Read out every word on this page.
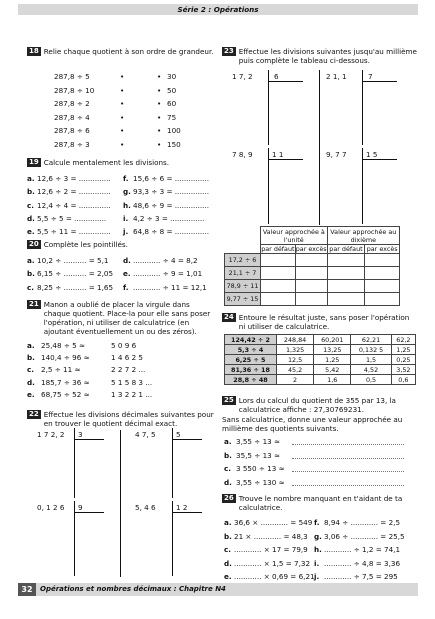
Série 2 : Opérations
18 Relie chaque quotient à son ordre de grandeur.
287,8 ÷ 5	•	• 30
287,8 ÷ 10	•	• 50
287,8 ÷ 2	•	• 60
287,8 ÷ 4	•	• 75
287,8 ÷ 6	•	• 100
287,8 ÷ 3	•	• 150
19 Calcule mentalement les divisions.
a. 12,6 ÷ 3 = .............. f. 15,6 ÷ 6 = ...............
b. 12,6 ÷ 2 = .............. g. 93,3 ÷ 3 = ...............
c. 12,4 ÷ 4 = .............. h. 48,6 ÷ 9 = ...............
d. 5,5 ÷ 5 = .............. i. 4,2 ÷ 3 = ...............
e. 5,5 ÷ 11 = .............. j. 64,8 ÷ 8 = ...............
20 Complète les pointillés.
a. 10,2 ÷ .......... = 5,1 d. ............ ÷ 4 = 8,2
b. 6,15 ÷ .......... = 2,05 e. ............ ÷ 9 = 1,01
c. 8,25 ÷ .......... = 1,65 f. ............ ÷ 11 = 12,1
21 Manon a oublié de placer la virgule dans chaque quotient. Place-la pour elle sans poser l'opération, ni utiliser de calculatrice (en ajoutant éventuellement un ou des zéros).
a. 25,48 ÷ 5 ≈	5 0 9 6
b. 140,4 ÷ 96 ≈	1 4 6 2 5
c. 2,5 ÷ 11 ≈	2 2 7 2 ...
d. 185,7 ÷ 36 ≈	5 1 5 8 3 ...
e. 68,75 ÷ 52 ≈	1 3 2 2 1 ...
22 Effectue les divisions décimales suivantes pour en trouver le quotient décimal exact.
1 7 2, 2 3	4 7, 5	5
0, 1 2 6 9	5, 4 6	1 2
23 Effectue les divisions suivantes jusqu'au millième puis complète le tableau ci-dessous.
1 7, 2	6	2 1, 1	7
7 8, 9	1 1	9, 7 7	1 5
	Valeur approchée à l'unité		Valeur approchée au dixième	
	par défaut	par excès	par défaut	par excès
17,2 ÷ 6				
21,1 ÷ 7				
78,9 ÷ 11				
9,77 ÷ 15				
24 Entoure le résultat juste, sans poser l'opération ni utiliser de calculatrice.
124,42 ÷ 2	248,84	60,201	62,21	62,2
5,3 ÷ 4	1,325	13,25	0,132 5	1,25
6,25 ÷ 5	12,5	1,25	1,5	0,25
81,36 ÷ 18	45,2	5,42	4,52	3,52
28,8 ÷ 48	2	1,6	0,5	0,6
25 Lors du calcul du quotient de 355 par 13, la calculatrice affiche : 27,30769231.
Sans calculatrice, donne une valeur approchée au millième des quotients suivants.
a. 3,55 ÷ 13 ≈
b. 35,5 ÷ 13 ≈
c. 3 550 ÷ 13 ≈
d. 3,55 ÷ 130 ≈
26 Trouve le nombre manquant en t'aidant de ta calculatrice.
a. 36,6 × ............ = 549 f. 8,94 ÷ ............ = 2,5
b. 21 × ............ = 48,3 g. 3,06 ÷ ............ = 25,5
c. ............ × 17 = 79,9 h. ............ ÷ 1,2 = 74,1
d. ............ × 1,5 = 7,32 i. ............ ÷ 4,8 = 3,36
e. ............ × 0,69 = 6,21 j. ............ ÷ 7,5 = 295
32	Opérations et nombres décimaux : Chapitre N4
